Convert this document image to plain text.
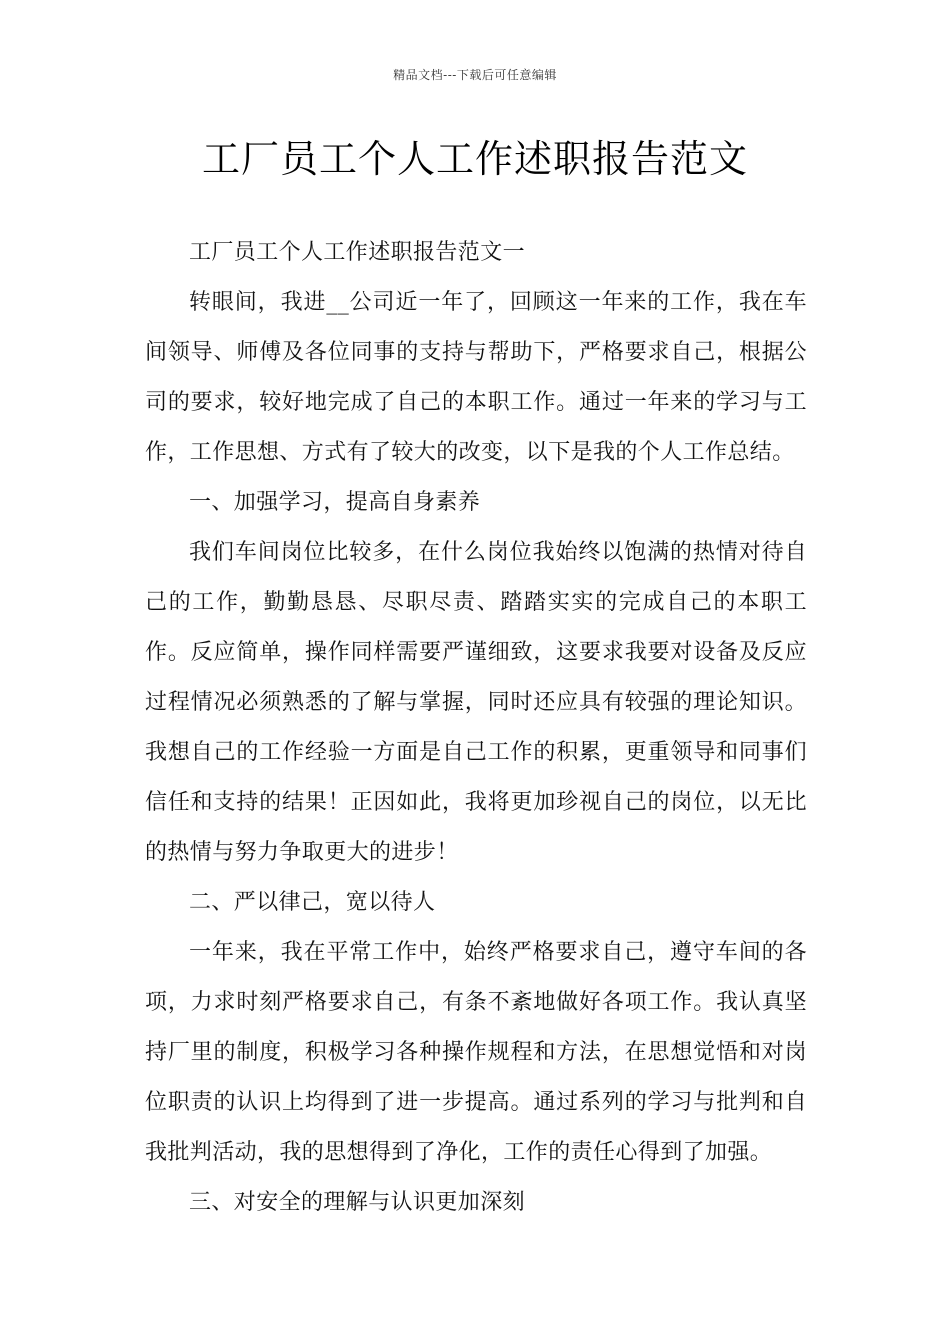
精品文档---下载后可任意编辑
工厂员工个人工作述职报告范文

工厂员工个人工作述职报告范文一

转眼间，我进__公司近一年了，回顾这一年来的工作，我在车间领导、师傅及各位同事的支持与帮助下，严格要求自己，根据公司的要求，较好地完成了自己的本职工作。通过一年来的学习与工作，工作思想、方式有了较大的改变，以下是我的个人工作总结。

一、加强学习，提高自身素养

我们车间岗位比较多，在什么岗位我始终以饱满的热情对待自己的工作，勤勤恳恳、尽职尽责、踏踏实实的完成自己的本职工作。反应简单，操作同样需要严谨细致，这要求我要对设备及反应过程情况必须熟悉的了解与掌握，同时还应具有较强的理论知识。我想自己的工作经验一方面是自己工作的积累，更重领导和同事们信任和支持的结果！正因如此，我将更加珍视自己的岗位，以无比的热情与努力争取更大的进步！

二、严以律己，宽以待人

一年来，我在平常工作中，始终严格要求自己，遵守车间的各项，力求时刻严格要求自己，有条不紊地做好各项工作。我认真坚持厂里的制度，积极学习各种操作规程和方法，在思想觉悟和对岗位职责的认识上均得到了进一步提高。通过系列的学习与批判和自我批判活动，我的思想得到了净化，工作的责任心得到了加强。

三、对安全的理解与认识更加深刻
